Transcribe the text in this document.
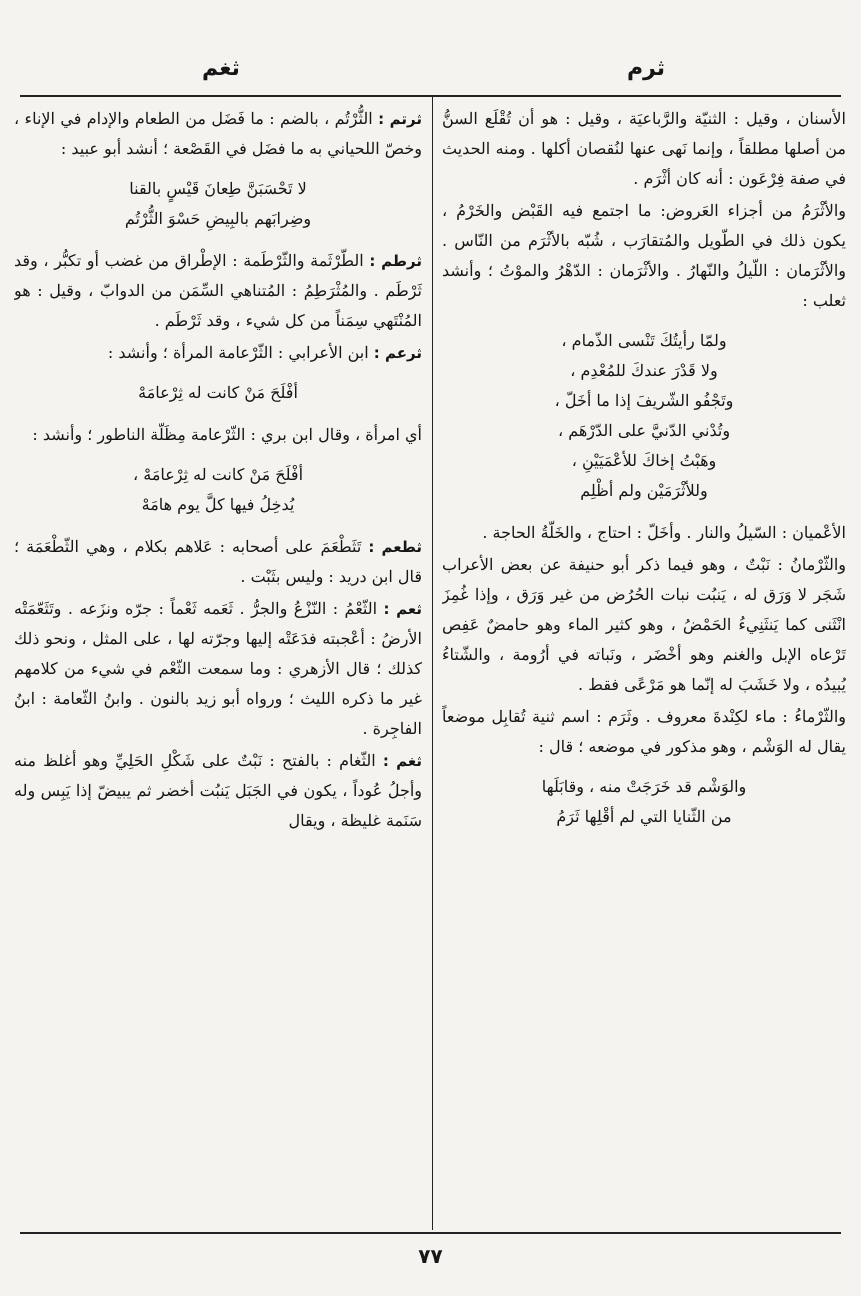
ثرم
ثغم

الأسنان ، وقيل : الثنيّة والرَّباعيَة ، وقيل : هو أن تُقْلَع السنُّ من أصلها مطلقاً ، وإنما نَهى عنها لنُقصان أكلها . ومنه الحديث في صفة فِرْعَون : أنه كان أثْرَم .

والأثْرَمُ من أجزاء العَروض: ما اجتمع فيه القَبْض والخَرْمُ ، يكون ذلك في الطّويل والمُتقارَب ، شُبّه بالأثْرَم من النّاس . والأثْرَمان : اللّيلُ والنّهارُ . والأثْرَمان : الدّهْرُ والموْتُ ؛ وأنشد ثعلب :

ولمّا رأيتُكَ تَنْسى الذّمام ،
ولا قَدْرَ عندكَ للمُعْدِم ،
وتَجْفُو الشّريفَ إذا ما أخَلّ ،
وتُدْني الدّنيَّ على الدّرْهَم ،
وهَبْتُ إخاكَ للأعْمَيَيْنِ ،
وللأثْرَمَيْن ولم أظْلِم

الأعْميان : السّيلُ والنار . وأخَلّ : احتاج ، والخَلّةُ الحاجة .

والثّرْمانُ : نَبْتٌ ، وهو فيما ذكر أبو حنيفة عن بعض الأعراب شَجَر لا وَرَق له ، يَنبُت نبات الحُرُض من غير وَرَق ، وإذا غُمِزَ انْثَنى كما يَنثَنِيءُ الحَمْضُ ، وهو كثير الماء وهو حامضٌ عَفِص تَرْعاه الإبل والغنم وهو أخْضَر ، ونَباته في أرُومة ، والشّتاءُ يُبيدُه ، ولا خَشَبَ له إنّما هو مَرْعًى فقط .

والثّرْماءُ : ماء لكِنْدةَ معروف . وثَرَم : اسم ثنية تُقابِل موضعاً يقال له الوَشْم ، وهو مذكور في موضعه ؛ قال :

والوَشْم قد خَرَجَتْ منه ، وقابَلَها
من الثّنايا التي لم أقْلِها ثَرَمُ

ثرتم : الثُّرْتُم ، بالضم : ما فَضَل من الطعام والإدام في الإناء ، وخصّ اللحياني به ما فضَل في القَصْعة ؛ أنشد أبو عبيد :

لا تَحْسَبَنَّ طِعانَ قَيْسٍ بالقنا
وضِرابَهم بالبِيضِ حَسْوَ الثُّرْتُم

ثرطم : الطّرْثَمة والثّرْطَمة : الإطْراق من غضب أو تكبُّر ، وقد ثَرْطَم . والمُثْرَطِمُ : المُتناهي السِّمَن من الدوابّ ، وقيل : هو المُنْتَهي سِمَناً من كل شيء ، وقد ثَرْطَم .

ثرعم : ابن الأعرابي : الثّرْعامة المرأة ؛ وأنشد :

أفْلَحَ مَنْ كانت له ثِرْعامَهْ

أي امرأة ، وقال ابن بري : الثّرْعامة مِظَلّة الناطور ؛ وأنشد :

أفْلَحَ مَنْ كانت له ثِرْعامَهْ ،
يُدخِلُ فيها كلَّ يوم هامَهْ

ثطعم : تَثَطْعَمَ على أصحابه : عَلاهم بكلام ، وهي الثّطْعَمَة ؛ قال ابن دريد : وليس بثَبْت .

ثعم : الثّعْمُ : النّزْعُ والجرُّ . ثَعَمه ثَعْماً : جرّه ونزَعه . وتَثَعّمَتْه الأرضُ : أعْجبته فدَعَتْه إليها وجرّته لها ، على المثل ، ونحو ذلك كذلك ؛ قال الأزهري : وما سمعت الثّعْم في شيء من كلامهم غير ما ذكره الليث ؛ ورواه أبو زيد بالنون . وابنُ الثّعامة : ابنُ الفاجِرة .

ثغم : الثّغام : بالفتح : نَبْتٌ على شَكْلِ الحَلِيِّ وهو أغلظ منه وأجلُ عُوداً ، يكون في الجَبَل يَنبُت أخضر ثم يبيضّ إذا يَبِس وله سَنَمة غليظة ، ويقال

٧٧
